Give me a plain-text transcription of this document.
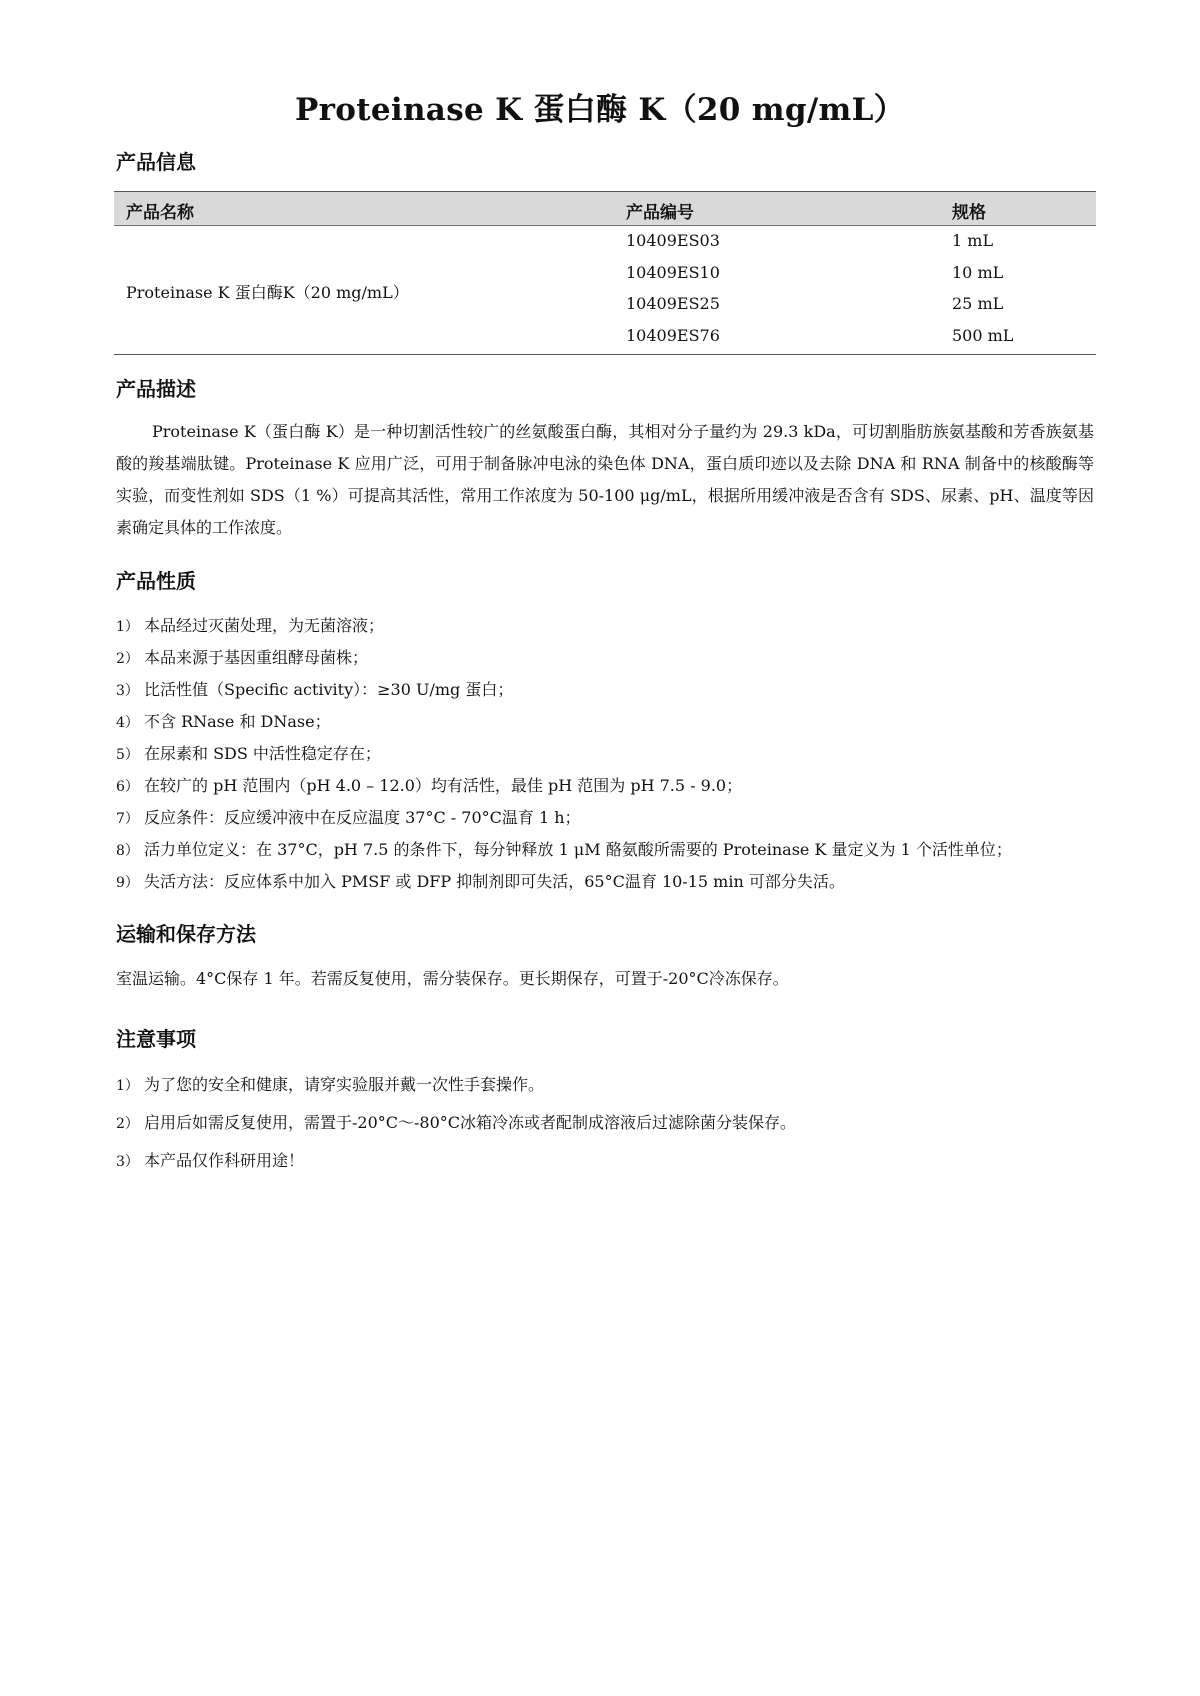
Proteinase K 蛋白酶 K（20 mg/mL）
产品信息
产品名称	产品编号	规格
Proteinase K 蛋白酶K（20 mg/mL）
10409ES03	1 mL
10409ES10	10 mL
10409ES25	25 mL
10409ES76	500 mL
产品描述
Proteinase K（蛋白酶 K）是一种切割活性较广的丝氨酸蛋白酶，其相对分子量约为 29.3 kDa，可切割脂肪族氨基酸和芳香族氨基酸的羧基端肽键。Proteinase K 应用广泛，可用于制备脉冲电泳的染色体 DNA，蛋白质印迹以及去除 DNA 和 RNA 制备中的核酸酶等实验，而变性剂如 SDS（1 %）可提高其活性，常用工作浓度为 50-100 μg/mL，根据所用缓冲液是否含有 SDS、尿素、pH、温度等因素确定具体的工作浓度。
产品性质
1） 本品经过灭菌处理，为无菌溶液；
2） 本品来源于基因重组酵母菌株；
3） 比活性值（Specific activity）：≥30 U/mg 蛋白；
4） 不含 RNase 和 DNase；
5） 在尿素和 SDS 中活性稳定存在；
6） 在较广的 pH 范围内（pH 4.0 – 12.0）均有活性，最佳 pH 范围为 pH 7.5 - 9.0；
7） 反应条件：反应缓冲液中在反应温度 37°C - 70°C温育 1 h；
8） 活力单位定义：在 37°C，pH 7.5 的条件下，每分钟释放 1 μM 酪氨酸所需要的 Proteinase K 量定义为 1 个活性单位；
9） 失活方法：反应体系中加入 PMSF 或 DFP 抑制剂即可失活，65°C温育 10-15 min 可部分失活。
运输和保存方法
室温运输。4°C保存 1 年。若需反复使用，需分装保存。更长期保存，可置于-20°C冷冻保存。
注意事项
1） 为了您的安全和健康，请穿实验服并戴一次性手套操作。
2） 启用后如需反复使用，需置于-20°C～-80°C冰箱冷冻或者配制成溶液后过滤除菌分装保存。
3） 本产品仅作科研用途！
